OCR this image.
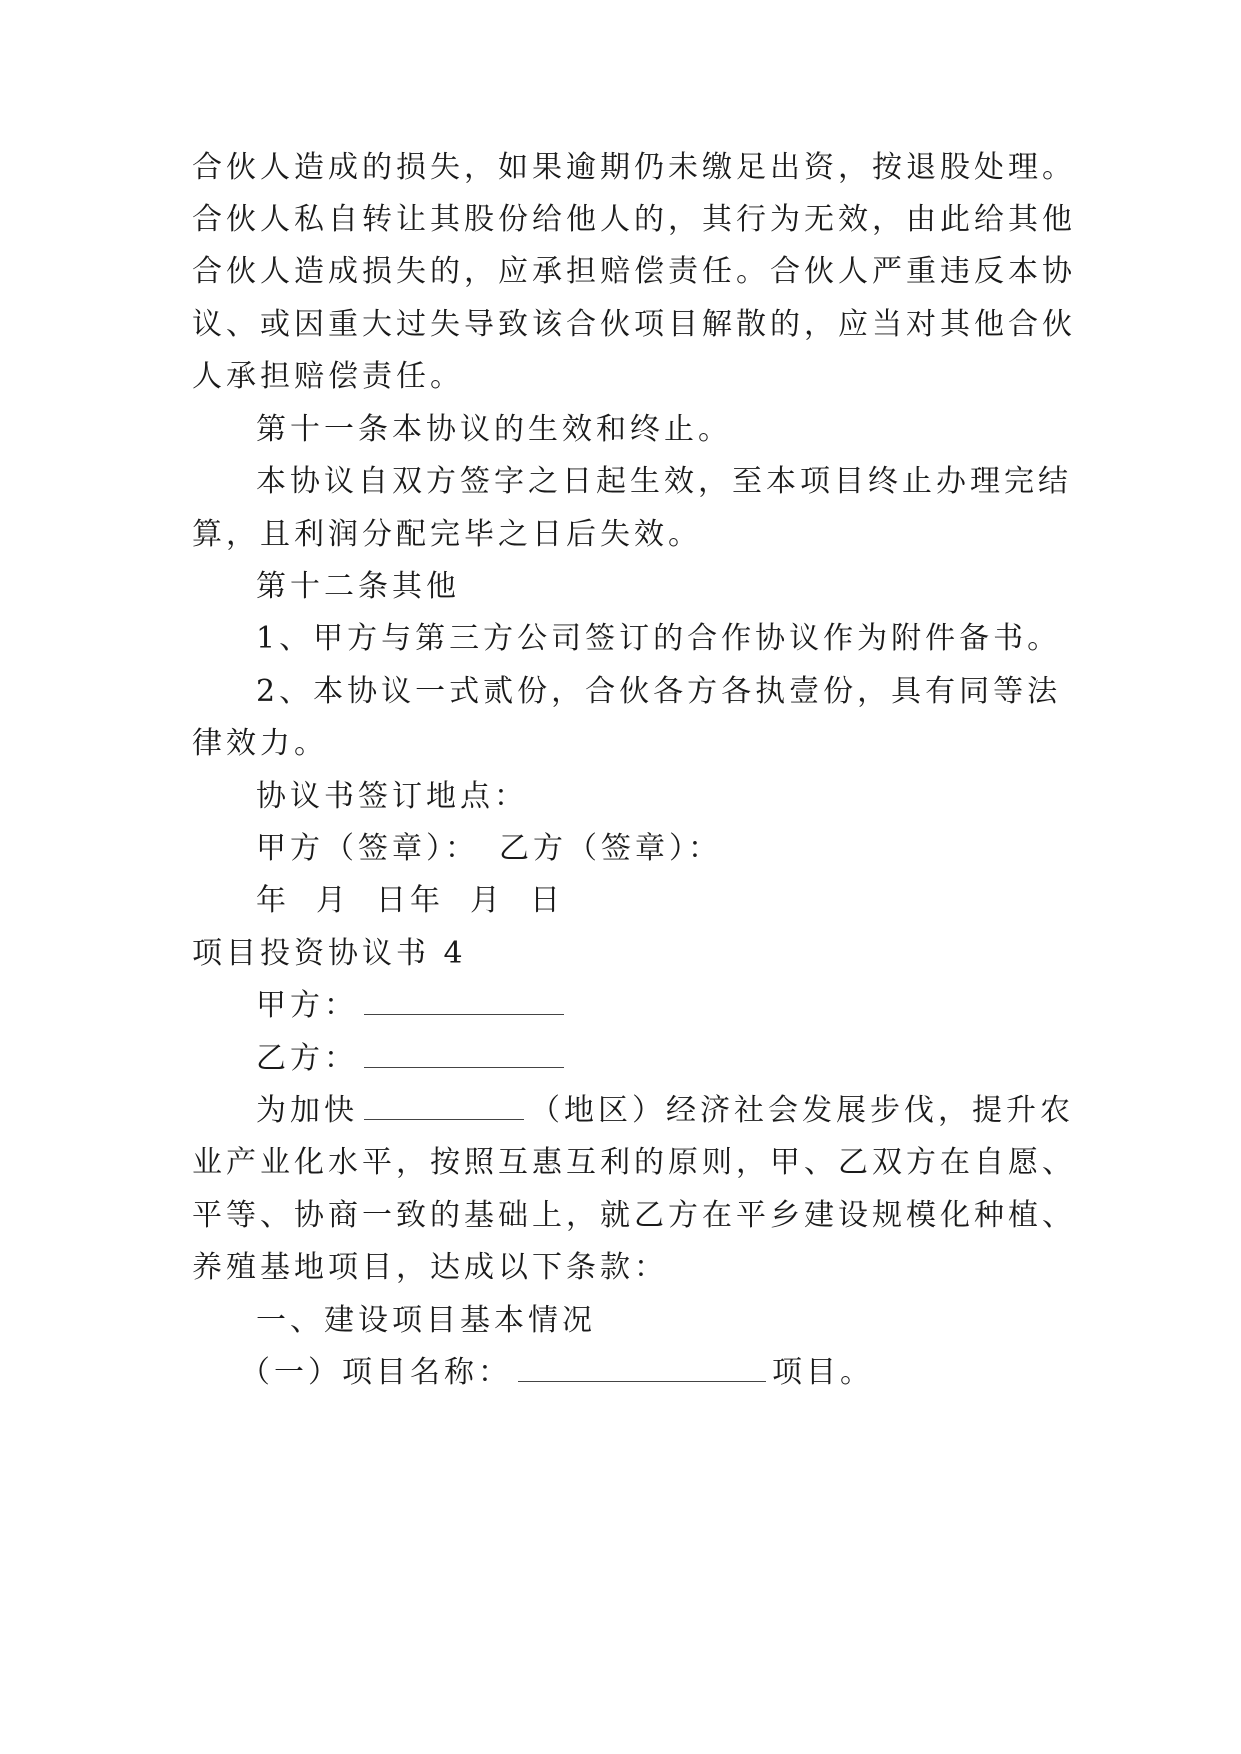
合伙人造成的损失，如果逾期仍未缴足出资，按退股处理。
合伙人私自转让其股份给他人的，其行为无效，由此给其他
合伙人造成损失的，应承担赔偿责任。合伙人严重违反本协
议、或因重大过失导致该合伙项目解散的，应当对其他合伙
人承担赔偿责任。
第十一条本协议的生效和终止。
本协议自双方签字之日起生效，至本项目终止办理完结
算，且利润分配完毕之日后失效。
第十二条其他
1、甲方与第三方公司签订的合作协议作为附件备书。
2、本协议一式贰份，合伙各方各执壹份，具有同等法
律效力。
协议书签订地点：
甲方（签章）： 乙方（签章）：
年 月 日年 月 日
项目投资协议书 4
甲方：
乙方：
为加快	（地区）经济社会发展步伐，提升农
业产业化水平，按照互惠互利的原则，甲、乙双方在自愿、
平等、协商一致的基础上，就乙方在平乡建设规模化种植、
养殖基地项目，达成以下条款：
一、建设项目基本情况
（一）项目名称：	项目。
